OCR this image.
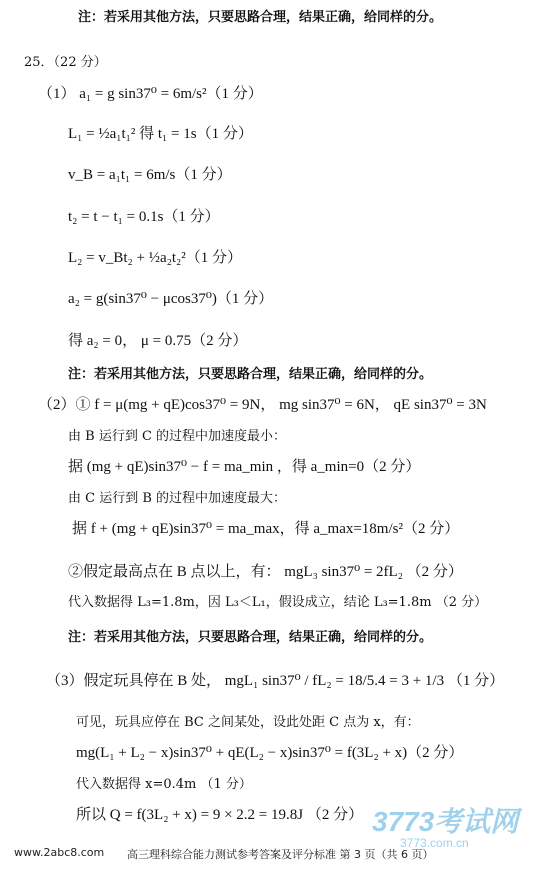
注：若采用其他方法，只要思路合理，结果正确，给同样的分。
25．（22 分）
（1） a₁ = g sin37⁰ = 6m/s²（1 分）
L₁ = ½a₁t₁² 得 t₁ = 1s（1 分）
v_B = a₁t₁ = 6m/s（1 分）
t₂ = t − t₁ = 0.1s（1 分）
L₂ = v_Bt₂ + ½a₂t₂²（1 分）
a₂ = g(sin37⁰ − μcos37⁰)（1 分）
得 a₂ = 0， μ = 0.75（2 分）
注：若采用其他方法，只要思路合理，结果正确，给同样的分。
（2）① f = μ(mg + qE)cos37⁰ = 9N， mg sin37⁰ = 6N， qE sin37⁰ = 3N
由 B 运行到 C 的过程中加速度最小：
据 (mg + qE)sin37⁰ − f = ma_min ，得 a_min=0（2 分）
由 C 运行到 B 的过程中加速度最大：
据 f + (mg + qE)sin37⁰ = ma_max，得 a_max=18m/s²（2 分）
②假定最高点在 B 点以上，有： mgL₃ sin37⁰ = 2fL₂ （2 分）
代入数据得 L₃=1.8m，因 L₃＜L₁，假设成立，结论 L₃=1.8m （2 分）
注：若采用其他方法，只要思路合理，结果正确，给同样的分。
（3）假定玩具停在 B 处， mgL₁ sin37⁰ / fL₂ = 18/5.4 = 3 + 1/3 （1 分）
可见，玩具应停在 BC 之间某处，设此处距 C 点为 x，有：
mg(L₁ + L₂ − x)sin37⁰ + qE(L₂ − x)sin37⁰ = f(3L₂ + x)（2 分）
代入数据得 x=0.4m （1 分）
所以 Q = f(3L₂ + x) = 9 × 2.2 = 19.8J （2 分） 3773考试网
3773.com.cn
www.2abc8.com 高三理科综合能力测试参考答案及评分标准 第 3 页（共 6 页）
